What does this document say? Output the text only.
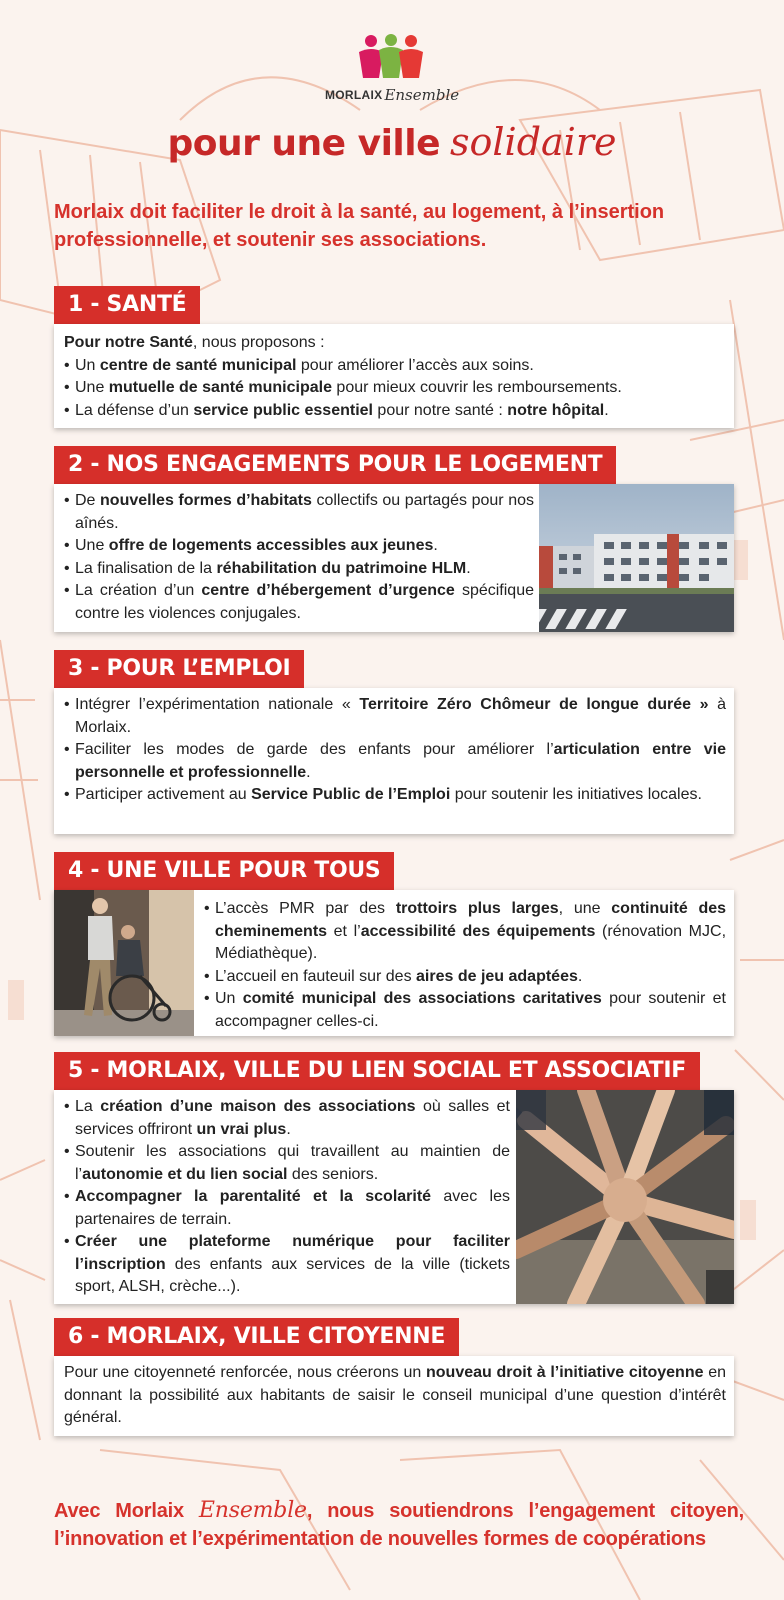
MORLAIX Ensemble
pour une ville solidaire
Morlaix doit faciliter le droit à la santé, au logement, à l’insertion professionnelle, et soutenir ses associations.
1 - SANTÉ

Pour notre Santé, nous proposons :

• Un centre de santé municipal pour améliorer l’accès aux soins.
• Une mutuelle de santé municipale pour mieux couvrir les remboursements.
• La défense d’un service public essentiel pour notre santé : notre hôpital.
2 - NOS ENGAGEMENTS POUR LE LOGEMENT
• De nouvelles formes d’habitats collectifs ou partagés pour nos aînés.
• Une offre de logements accessibles aux jeunes.
• La finalisation de la réhabilitation du patrimoine HLM.
• La création d’un centre d’hébergement d’urgence spécifique contre les violences conjugales.
3 - POUR L’EMPLOI
• Intégrer l’expérimentation nationale « Territoire Zéro Chômeur de longue durée » à Morlaix.
• Faciliter les modes de garde des enfants pour améliorer l’articulation entre vie personnelle et professionnelle.
• Participer activement au Service Public de l’Emploi pour soutenir les initiatives locales.
4 - UNE VILLE POUR TOUS
• L’accès PMR par des trottoirs plus larges, une continuité des cheminements et l’accessibilité des équipements (rénovation MJC, Médiathèque).
• L’accueil en fauteuil sur des aires de jeu adaptées.
• Un comité municipal des associations caritatives pour soutenir et accompagner celles-ci.
5 - MORLAIX, VILLE DU LIEN SOCIAL ET ASSOCIATIF
• La création d’une maison des associations où salles et services offriront un vrai plus.
• Soutenir les associations qui travaillent au maintien de l’autonomie et du lien social des seniors.
• Accompagner la parentalité et la scolarité avec les partenaires de terrain.
• Créer une plateforme numérique pour faciliter l’inscription des enfants aux services de la ville (tickets sport, ALSH, crèche...).
6 - MORLAIX, VILLE CITOYENNE

Pour une citoyenneté renforcée, nous créerons un nouveau droit à l’initiative citoyenne en donnant la possibilité aux habitants de saisir le conseil municipal d’une question d’intérêt général.

Avec Morlaix Ensemble, nous soutiendrons l’engagement citoyen, l’innovation et l’expérimentation de nouvelles formes de coopérations
